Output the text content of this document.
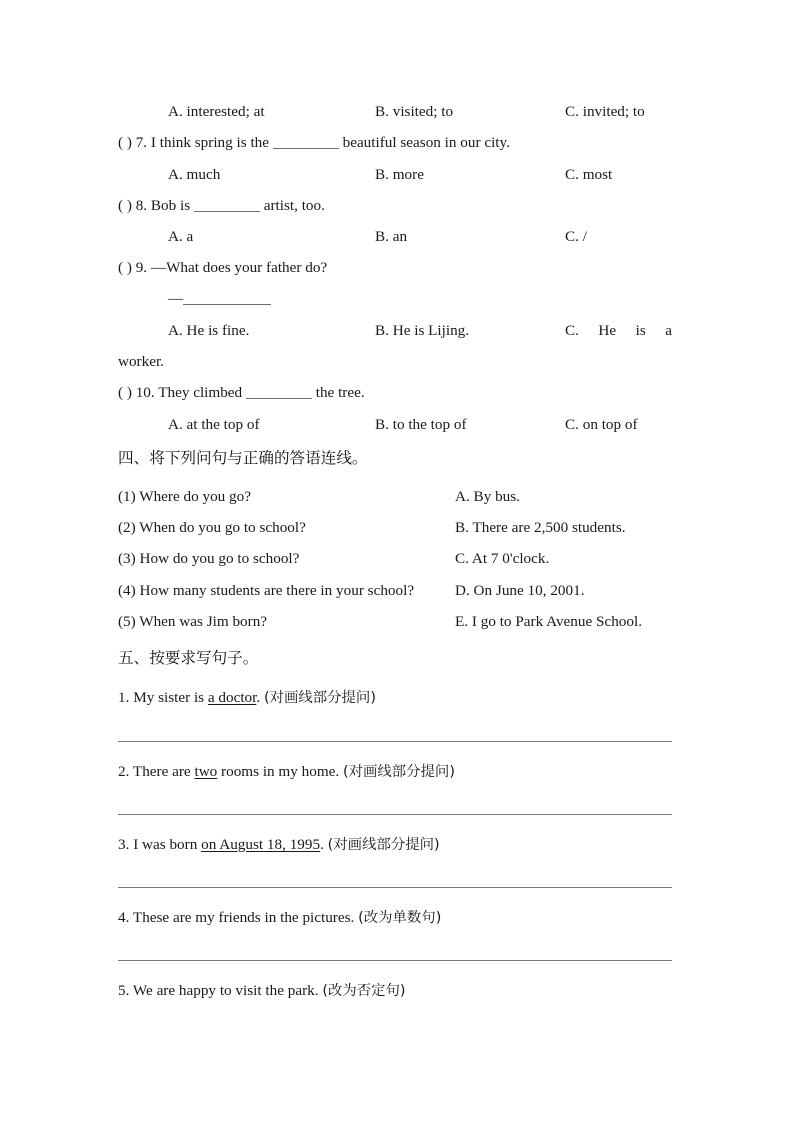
A. interested; at	B. visited; to	C. invited; to
( ) 7. I think spring is the	beautiful season in our city.
A. much	B. more	C. most
( ) 8. Bob is	artist, too.
A. a	B. an	C. /
( ) 9. —What does your father do?
—
A. He is fine.	B. He is Lijing.	C. He is a
worker.
( ) 10. They climbed	the tree.
A. at the top of	B. to the top of	C. on top of
四、将下列问句与正确的答语连线。
(1) Where do you go?	A. By bus.
(2) When do you go to school?	B. There are 2,500 students.
(3) How do you go to school?	C. At 7 0'clock.
(4) How many students are there in your school?	D. On June 10, 2001.
(5) When was Jim born?	E. I go to Park Avenue School.
五、按要求写句子。
1. My sister is a doctor. (对画线部分提问)
2. There are two rooms in my home. (对画线部分提问)
3. I was born on August 18, 1995. (对画线部分提问)
4. These are my friends in the pictures. (改为单数句)
5. We are happy to visit the park. (改为否定句)
